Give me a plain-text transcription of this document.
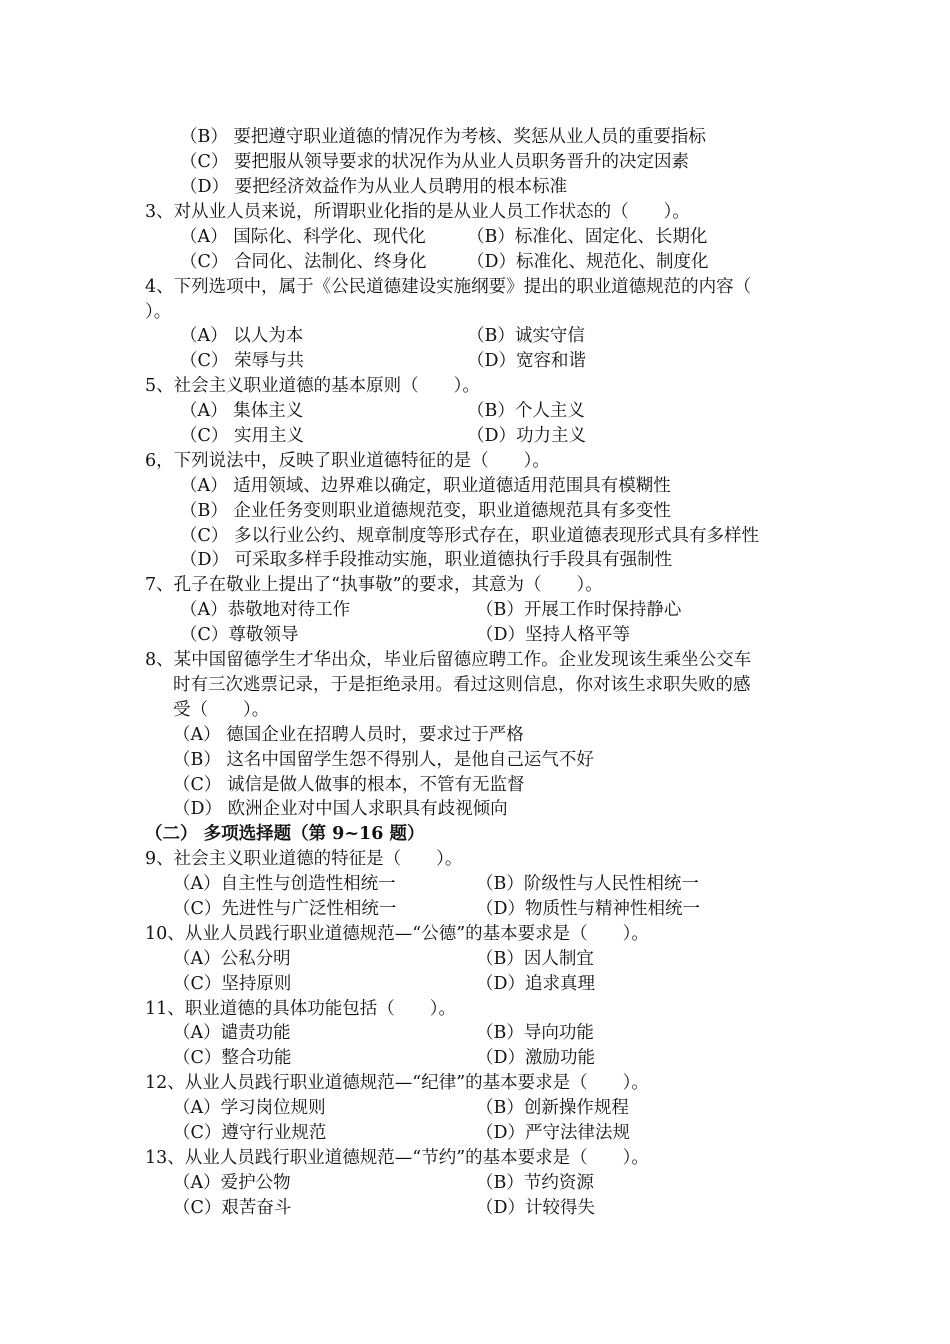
（B） 要把遵守职业道德的情况作为考核、奖惩从业人员的重要指标

（C） 要把服从领导要求的状况作为从业人员职务晋升的决定因素

（D） 要把经济效益作为从业人员聘用的根本标准

3、对从业人员来说，所谓职业化指的是从业人员工作状态的（　　）。

（A） 国际化、科学化、现代化 （B）标准化、固定化、长期化

（C） 合同化、法制化、终身化 （D）标准化、规范化、制度化

4、下列选项中，属于《公民道德建设实施纲要》提出的职业道德规范的内容（

）。

（A） 以人为本	（B）诚实守信

（C） 荣辱与共	（D）宽容和谐

5、社会主义职业道德的基本原则（　　）。

（A） 集体主义	（B）个人主义

（C） 实用主义	（D）功力主义

6，下列说法中，反映了职业道德特征的是（　　）。

（A） 适用领域、边界难以确定，职业道德适用范围具有模糊性

（B） 企业任务变则职业道德规范变，职业道德规范具有多变性

（C） 多以行业公约、规章制度等形式存在，职业道德表现形式具有多样性

（D） 可采取多样手段推动实施，职业道德执行手段具有强制性

7、孔子在敬业上提出了“执事敬”的要求，其意为（　　）。

（A）恭敬地对待工作	（B）开展工作时保持静心

（C）尊敬领导	（D）坚持人格平等

8、某中国留德学生才华出众，毕业后留德应聘工作。企业发现该生乘坐公交车

时有三次逃票记录，于是拒绝录用。看过这则信息，你对该生求职失败的感

受（　　）。

（A） 德国企业在招聘人员时，要求过于严格

（B） 这名中国留学生怨不得别人，是他自己运气不好

（C） 诚信是做人做事的根本，不管有无监督

（D） 欧洲企业对中国人求职具有歧视倾向

（二） 多项选择题（第 9~16 题）

9、社会主义职业道德的特征是（　　）。

（A）自主性与创造性相统一	（B）阶级性与人民性相统一

（C）先进性与广泛性相统一	（D）物质性与精神性相统一

10、从业人员践行职业道德规范—“公德”的基本要求是（　　）。

（A）公私分明	（B）因人制宜

（C）坚持原则	（D）追求真理

11、职业道德的具体功能包括（　　）。

（A）谴责功能	（B）导向功能

（C）整合功能	（D）激励功能

12、从业人员践行职业道德规范—“纪律”的基本要求是（　　）。

（A）学习岗位规则	（B）创新操作规程

（C）遵守行业规范	（D）严守法律法规

13、从业人员践行职业道德规范—“节约”的基本要求是（　　）。

（A）爱护公物	（B）节约资源

（C）艰苦奋斗	（D）计较得失
